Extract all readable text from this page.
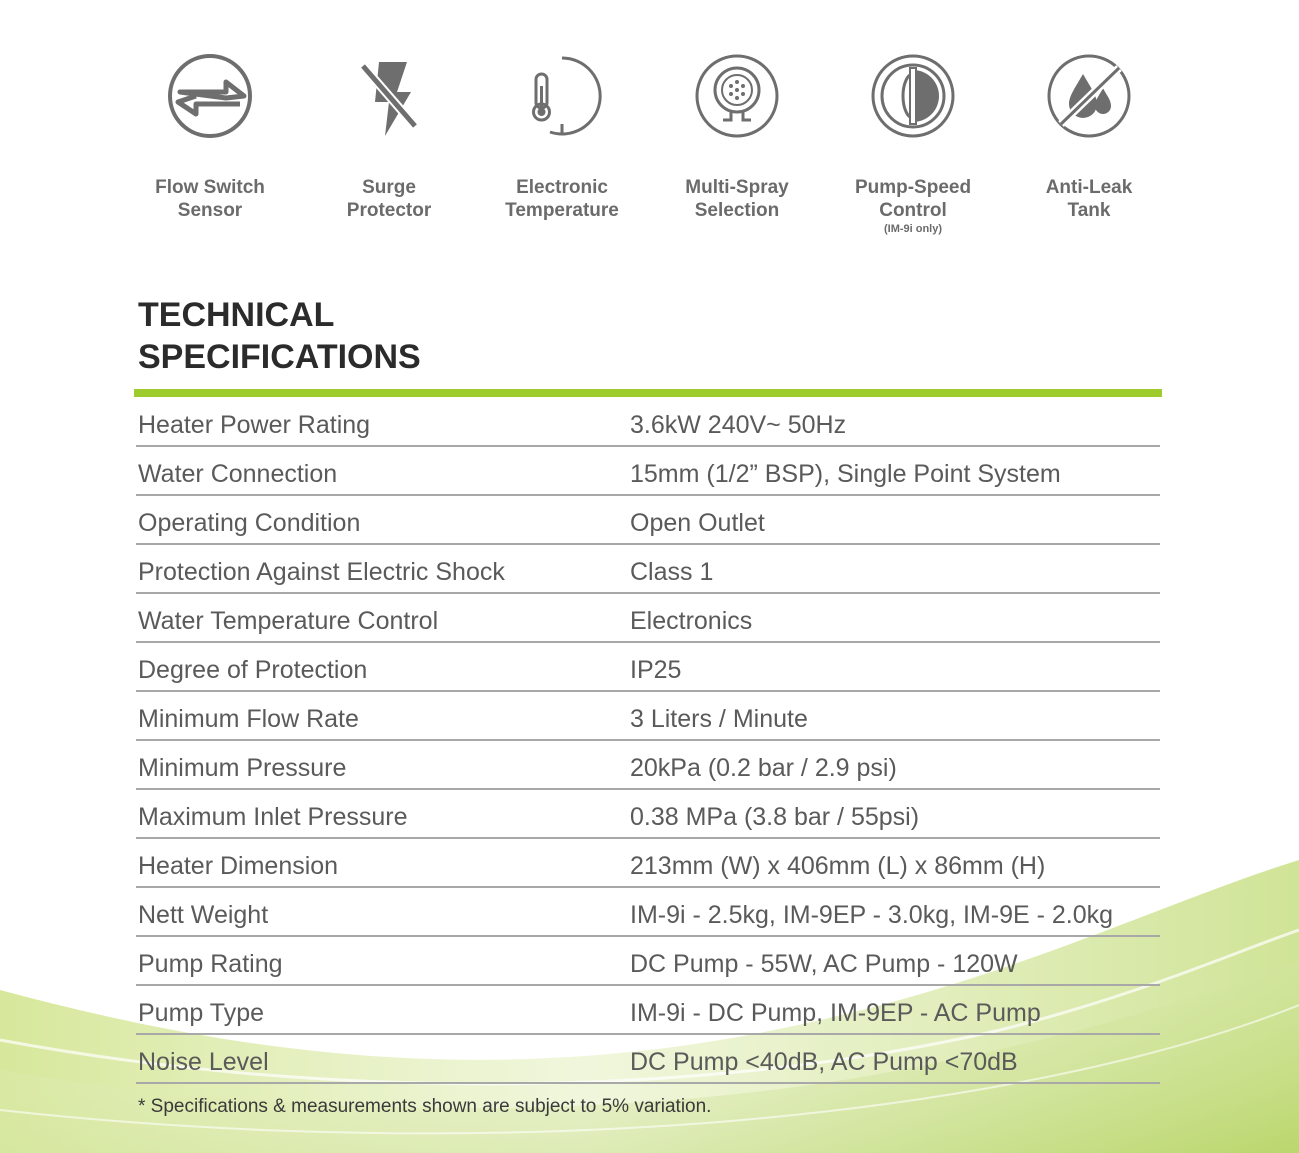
Flow Switch
Sensor
Surge
Protector
Electronic
Temperature
Multi-Spray
Selection
Pump-Speed
Control
(IM-9i only)
Anti-Leak
Tank
TECHNICAL
SPECIFICATIONS
Heater Power Rating	3.6kW 240V~ 50Hz
Water Connection	15mm (1/2” BSP), Single Point System
Operating Condition	Open Outlet
Protection Against Electric Shock	Class 1
Water Temperature Control	Electronics
Degree of Protection	IP25
Minimum Flow Rate	3 Liters / Minute
Minimum Pressure	20kPa (0.2 bar / 2.9 psi)
Maximum Inlet Pressure	0.38 MPa (3.8 bar / 55psi)
Heater Dimension	213mm (W) x 406mm (L) x 86mm (H)
Nett Weight	IM-9i - 2.5kg, IM-9EP - 3.0kg, IM-9E - 2.0kg
Pump Rating	DC Pump - 55W, AC Pump - 120W
Pump Type	IM-9i - DC Pump, IM-9EP - AC Pump
Noise Level	DC Pump <40dB, AC Pump <70dB
* Specifications & measurements shown are subject to 5% variation.
